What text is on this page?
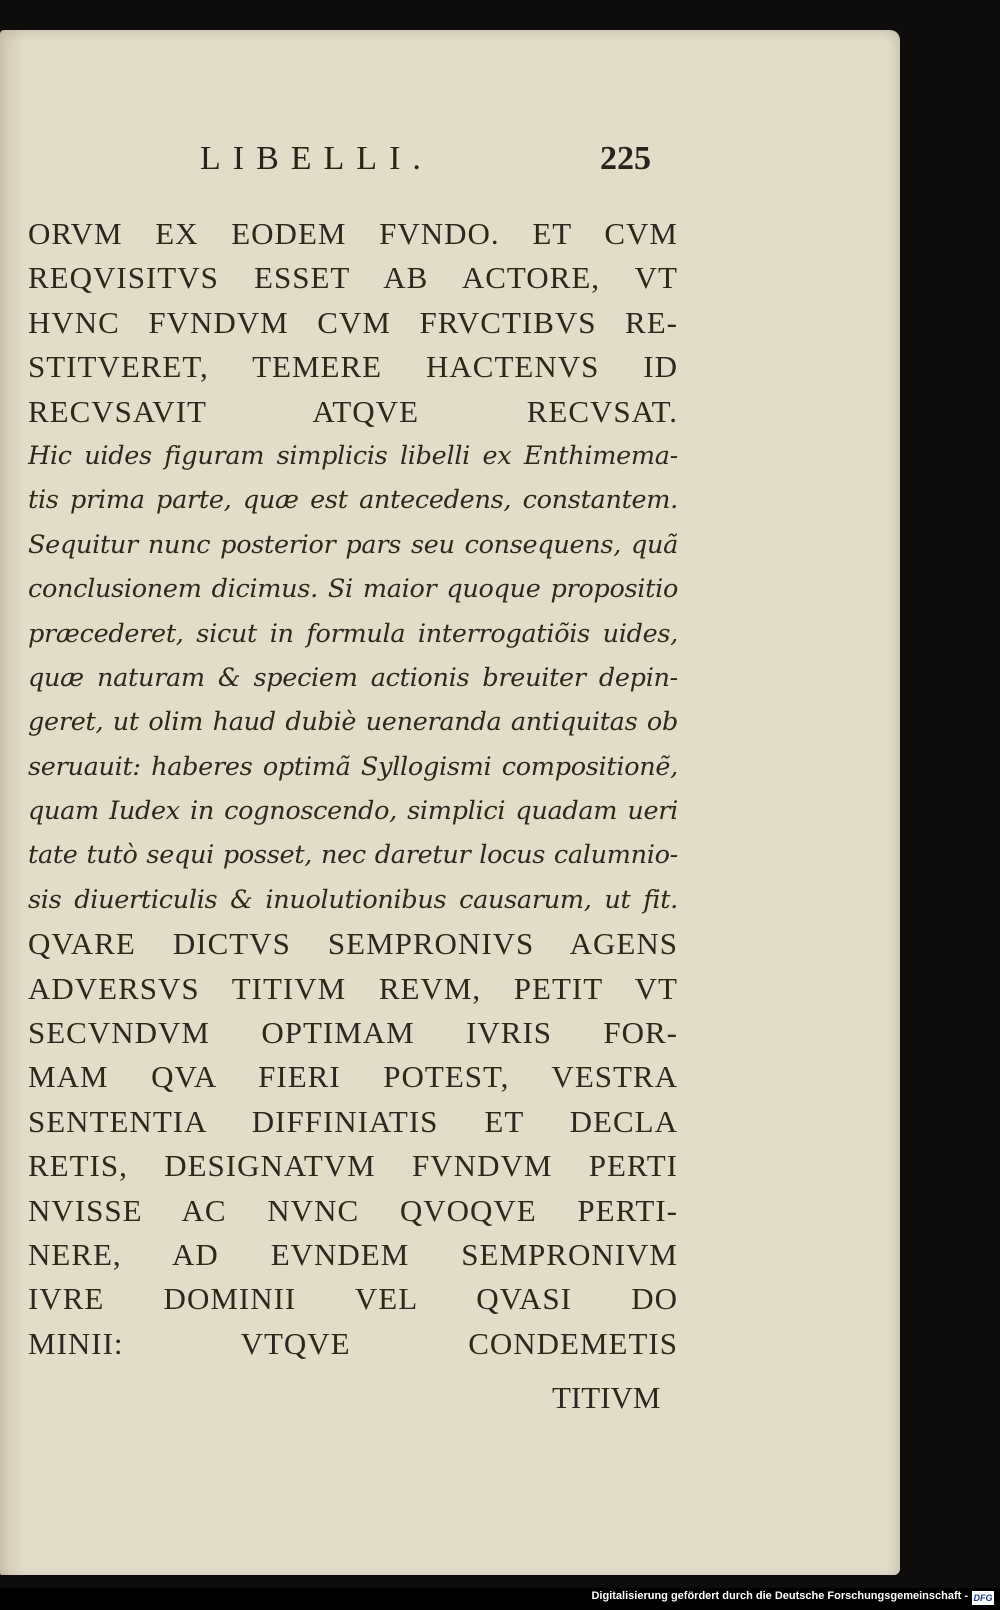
LIBELLI.	225
ORVM EX EODEM FVNDO. ET CVM
REQVISITVS ESSET AB ACTORE, VT
HVNC FVNDVM CVM FRVCTIBVS RE-
STITVERET, TEMERE HACTENVS ID
RECVSAVIT ATQVE RECVSAT.
Hic uides figuram simplicis libelli ex Enthimema-
tis prima parte, quæ est antecedens, constantem.
Sequitur nunc posterior pars seu consequens, quã
conclusionem dicimus. Si maior quoque propositio
præcederet, sicut in formula interrogatiõis uides,
quæ naturam & speciem actionis breuiter depin-
geret, ut olim haud dubiè ueneranda antiquitas ob
seruauit: haberes optimã Syllogismi compositionẽ,
quam Iudex in cognoscendo, simplici quadam ueri
tate tutò sequi posset, nec daretur locus calumnio-
sis diuerticulis & inuolutionibus causarum, ut fit.
QVARE DICTVS SEMPRONIVS AGENS
ADVERSVS TITIVM REVM, PETIT VT
SECVNDVM OPTIMAM IVRIS FOR-
MAM QVA FIERI POTEST, VESTRA
SENTENTIA DIFFINIATIS ET DECLA
RETIS, DESIGNATVM FVNDVM PERTI
NVISSE AC NVNC QVOQVE PERTI-
NERE, AD EVNDEM SEMPRONIVM
IVRE DOMINII VEL QVASI DO
MINII: VTQVE CONDEMETIS
TITIVM
Digitalisierung gefördert durch die Deutsche Forschungsgemeinschaft - DFG
